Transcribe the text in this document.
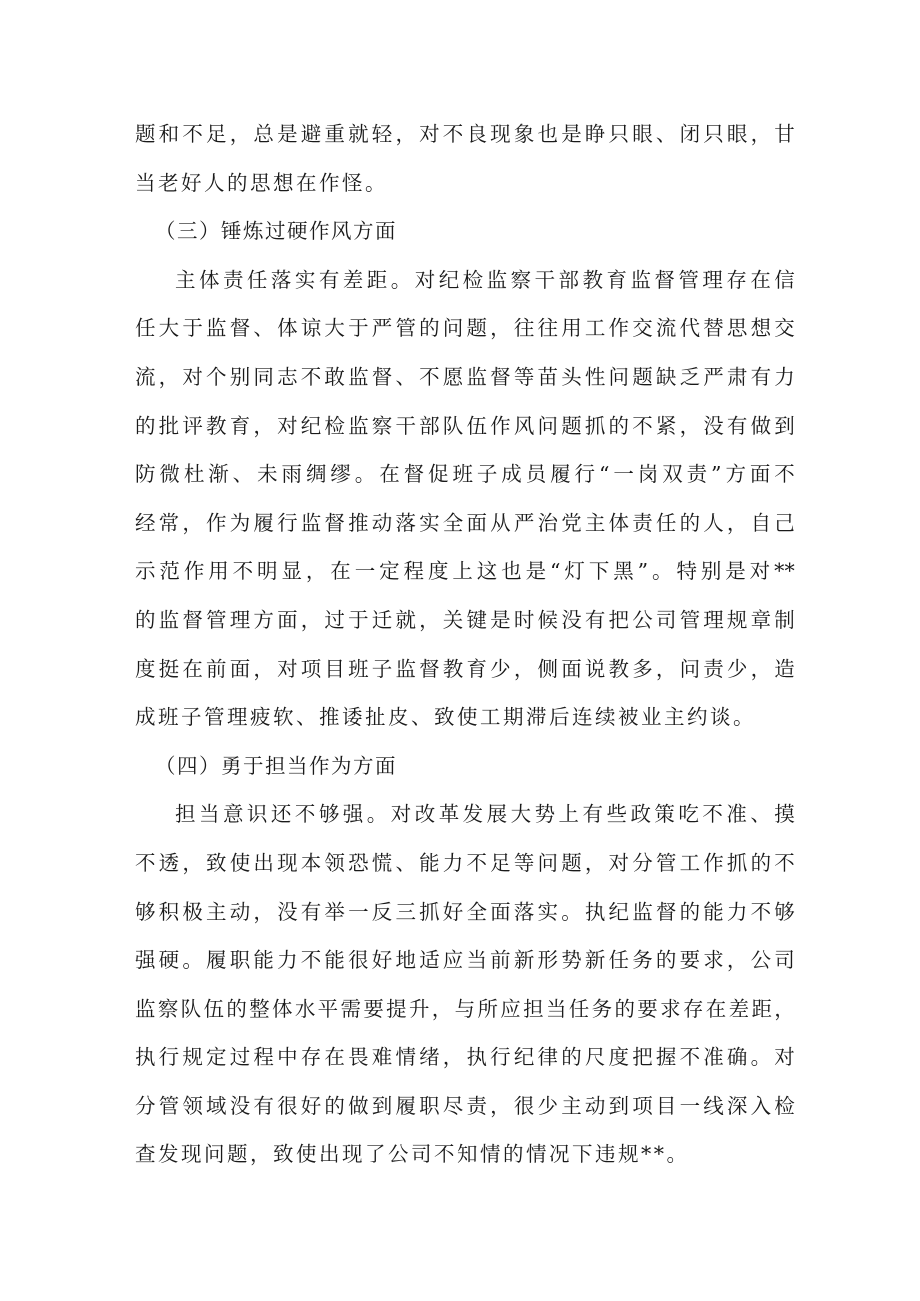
题和不足，总是避重就轻，对不良现象也是睁只眼、闭只眼，甘
当老好人的思想在作怪。
（三）锤炼过硬作风方面
主体责任落实有差距。对纪检监察干部教育监督管理存在信
任大于监督、体谅大于严管的问题，往往用工作交流代替思想交
流，对个别同志不敢监督、不愿监督等苗头性问题缺乏严肃有力
的批评教育，对纪检监察干部队伍作风问题抓的不紧，没有做到
防微杜渐、未雨绸缪。在督促班子成员履行“一岗双责”方面不
经常，作为履行监督推动落实全面从严治党主体责任的人，自己
示范作用不明显，在一定程度上这也是“灯下黑”。特别是对**
的监督管理方面，过于迁就，关键是时候没有把公司管理规章制
度挺在前面，对项目班子监督教育少，侧面说教多，问责少，造
成班子管理疲软、推诿扯皮、致使工期滞后连续被业主约谈。
（四）勇于担当作为方面
担当意识还不够强。对改革发展大势上有些政策吃不准、摸
不透，致使出现本领恐慌、能力不足等问题，对分管工作抓的不
够积极主动，没有举一反三抓好全面落实。执纪监督的能力不够
强硬。履职能力不能很好地适应当前新形势新任务的要求，公司
监察队伍的整体水平需要提升，与所应担当任务的要求存在差距，
执行规定过程中存在畏难情绪，执行纪律的尺度把握不准确。对
分管领域没有很好的做到履职尽责，很少主动到项目一线深入检
查发现问题，致使出现了公司不知情的情况下违规**。
